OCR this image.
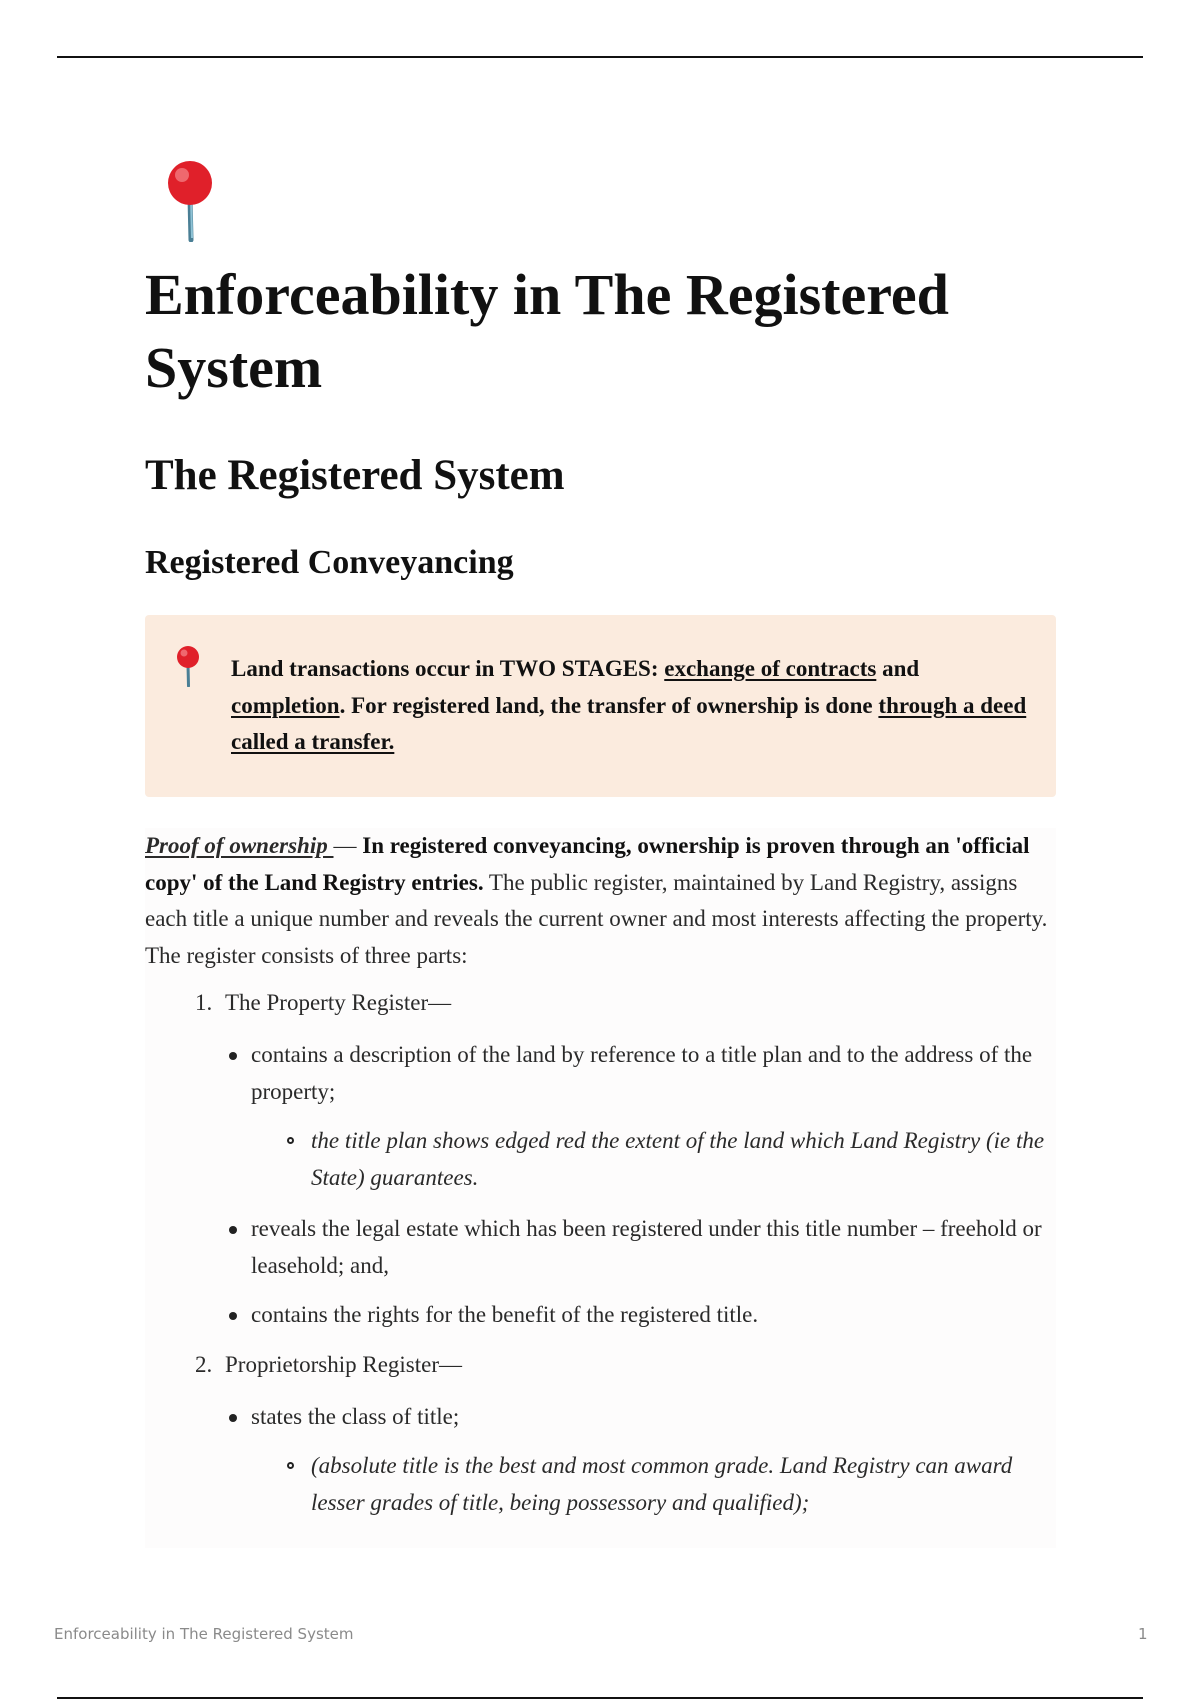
Enforceability in The Registered System
The Registered System
Registered Conveyancing

Land transactions occur in TWO STAGES: exchange of contracts and completion. For registered land, the transfer of ownership is done through a deed called a transfer.

Proof of ownership — In registered conveyancing, ownership is proven through an 'official copy' of the Land Registry entries. The public register, maintained by Land Registry, assigns each title a unique number and reveals the current owner and most interests affecting the property. The register consists of three parts:

1. The Property Register—

contains a description of the land by reference to a title plan and to the address of the property;

the title plan shows edged red the extent of the land which Land Registry (ie the State) guarantees.

reveals the legal estate which has been registered under this title number – freehold or leasehold; and,

contains the rights for the benefit of the registered title.

2. Proprietorship Register—

states the class of title;

(absolute title is the best and most common grade. Land Registry can award lesser grades of title, being possessory and qualified);

Enforceability in The Registered System	1
